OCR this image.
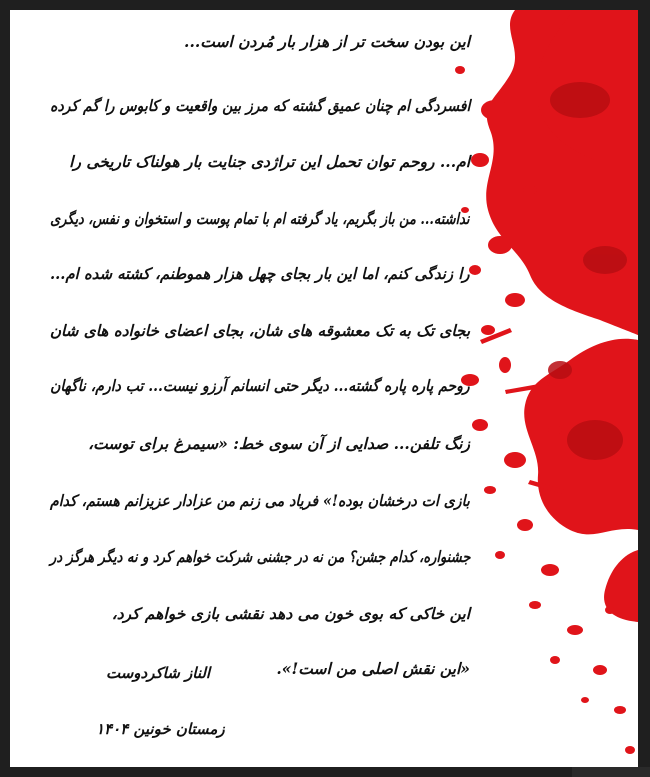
این بودن سخت تر از هزار بار مُردن است...
افسردگی ام چنان عمیق گشته که مرز بین واقعیت و کابوس را گم کرده
ام... روحم توان تحمل این تراژدی جنایت بار هولناک تاریخی را
نداشته... من باز بگریم، یاد گرفته ام با تمام پوست و استخوان و نفس، دیگری
را زندگی کنم، اما این بار بجای چهل هزار هموطنم، کشته شده ام...
بجای تک به تک معشوقه های شان، بجای اعضای خانواده های شان
روحم پاره پاره گشته... دیگر حتی انسانم آرزو نیست... تب دارم، ناگهان
زنگ تلفن... صدایی از آن سوی خط: «سیمرغ برای توست،
بازی ات درخشان بوده!» فریاد می زنم من عزادار عزیزانم هستم، کدام
جشنواره، کدام جشن؟ من نه در جشنی شرکت خواهم کرد و نه دیگر هرگز در
این خاکی که بوی خون می دهد نقشی بازی خواهم کرد،
«این نقش اصلی من است!».
الناز شاکردوست
زمستان خونین ۱۴۰۴
